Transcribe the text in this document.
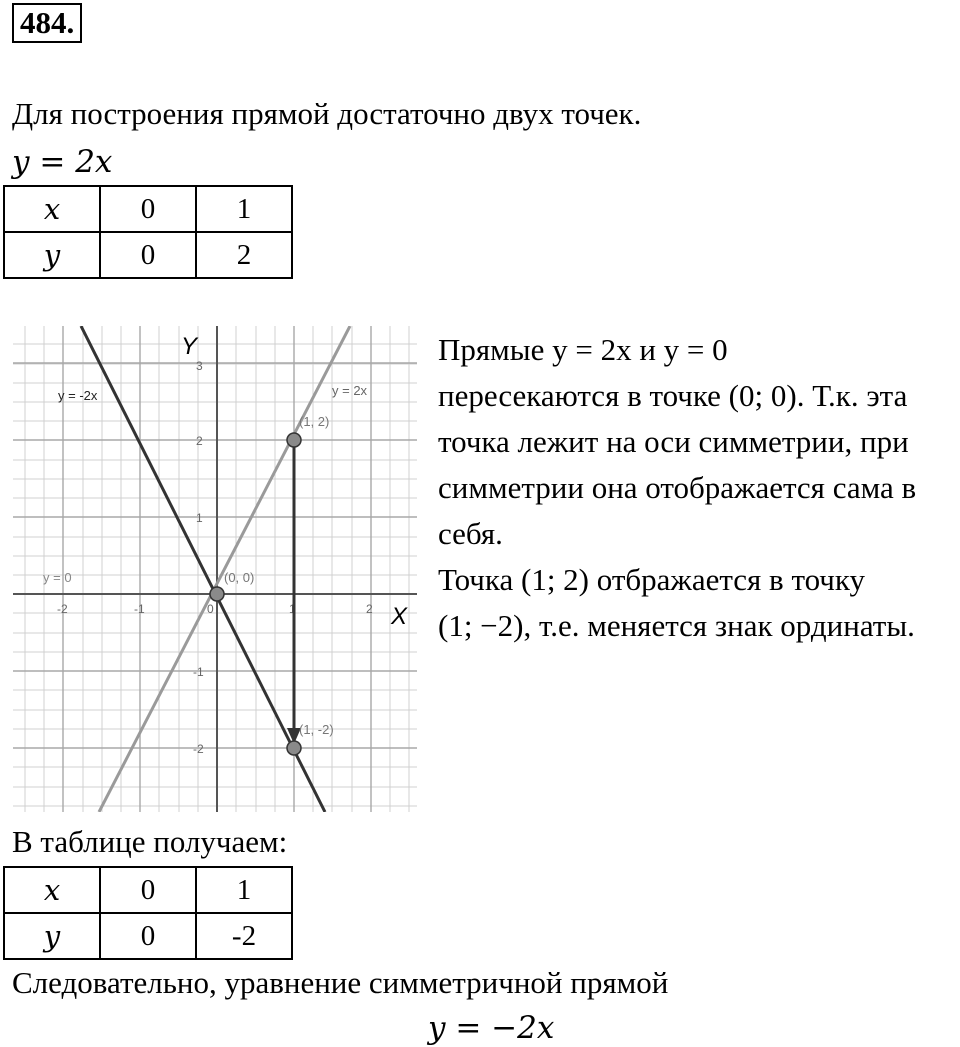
484.
Для построения прямой достаточно двух точек.
y = 2x
x	0	1
y	0	2
Y
X
-2	-1	0	1	2
3
2
1
-1
-2
y = 2x
y = -2x
y = 0	(0, 0)
(1, 2)
(1, -2)
Прямые y = 2x и y = 0
пересекаются в точке (0; 0). Т.к. эта
точка лежит на оси симметрии, при
симметрии она отображается сама в
себя.
Точка (1; 2) отбражается в точку
(1; −2), т.е. меняется знак ординаты.
В таблице получаем:
x	0	1
y	0	-2
Следовательно, уравнение симметричной прямой
y = −2x
